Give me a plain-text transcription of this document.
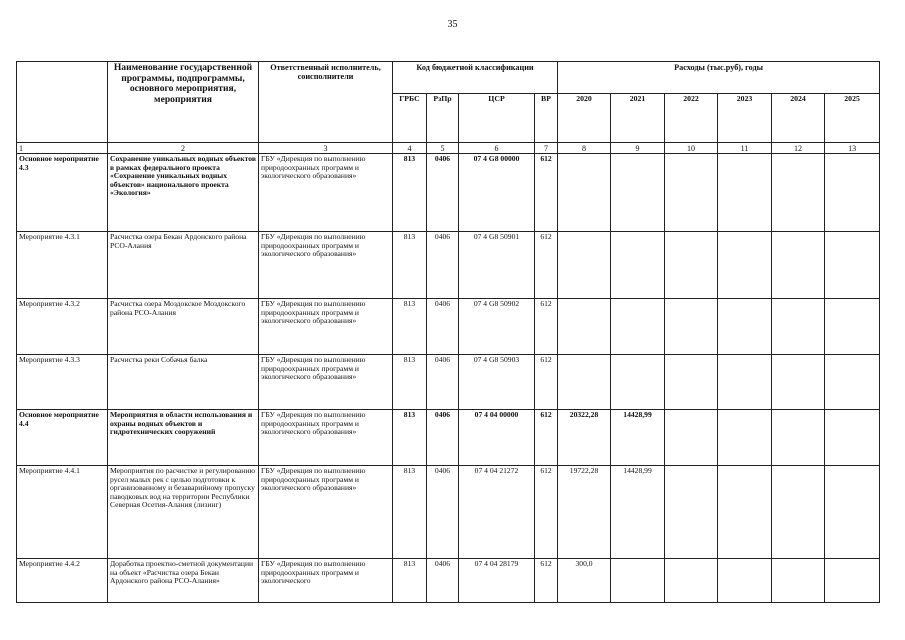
35
	Наименование государственной программы, подпрограммы, основного мероприятия, мероприятия	Ответственный исполнитель, соисполнители	Код бюджетной классификации				Расходы (тыс.руб), годы					
			ГРБС	РзПр	ЦСР	ВР	2020	2021	2022	2023	2024	2025
1	2	3	4	5	6	7	8	9	10	11	12	13
Основное мероприятие 4.3	Сохранение уникальных водных объектов в рамках федерального проекта «Сохранение уникальных водных объектов» национального проекта «Экология»	ГБУ «Дирекция по выполнению природоохранных программ и экологического образования»	813	0406	07 4 G8 00000	612						
Мероприятие 4.3.1	Расчистка озера Бекан Ардонского района РСО-Алания	ГБУ «Дирекция по выполнению природоохранных программ и экологического образования»	813	0406	07 4 G8 50901	612						
Мероприятие 4.3.2	Расчистка озера Моздокское Моздокского района РСО-Алания	ГБУ «Дирекция по выполнению природоохранных программ и экологического образования»	813	0406	07 4 G8 50902	612						
Мероприятие 4.3.3	Расчистка реки Собачья балка	ГБУ «Дирекция по выполнению природоохранных программ и экологического образования»	813	0406	07 4 G8 50903	612						
Основное мероприятие 4.4	Мероприятия в области использования и охраны водных объектов и гидротехнических сооружений	ГБУ «Дирекция по выполнению природоохранных программ и экологического образования»	813	0406	07 4 04 00000	612	20322,28	14428,99				
Мероприятие 4.4.1	Мероприятия по расчистке и регулированию русел малых рек с целью подготовки к организованному и безаварийному пропуску паводковых вод на территории Республики Северная Осетия-Алания (лизинг)	ГБУ «Дирекция по выполнению природоохранных программ и экологического образования»	813	0406	07 4 04 21272	612	19722,28	14428,99				
Мероприятие 4.4.2	Доработка проектно-сметной документации на объект «Расчистка озера Бекан Ардонского района РСО-Алания»	ГБУ «Дирекция по выполнению природоохранных программ и экологического	813	0406	07 4 04 28179	612	300,0					
